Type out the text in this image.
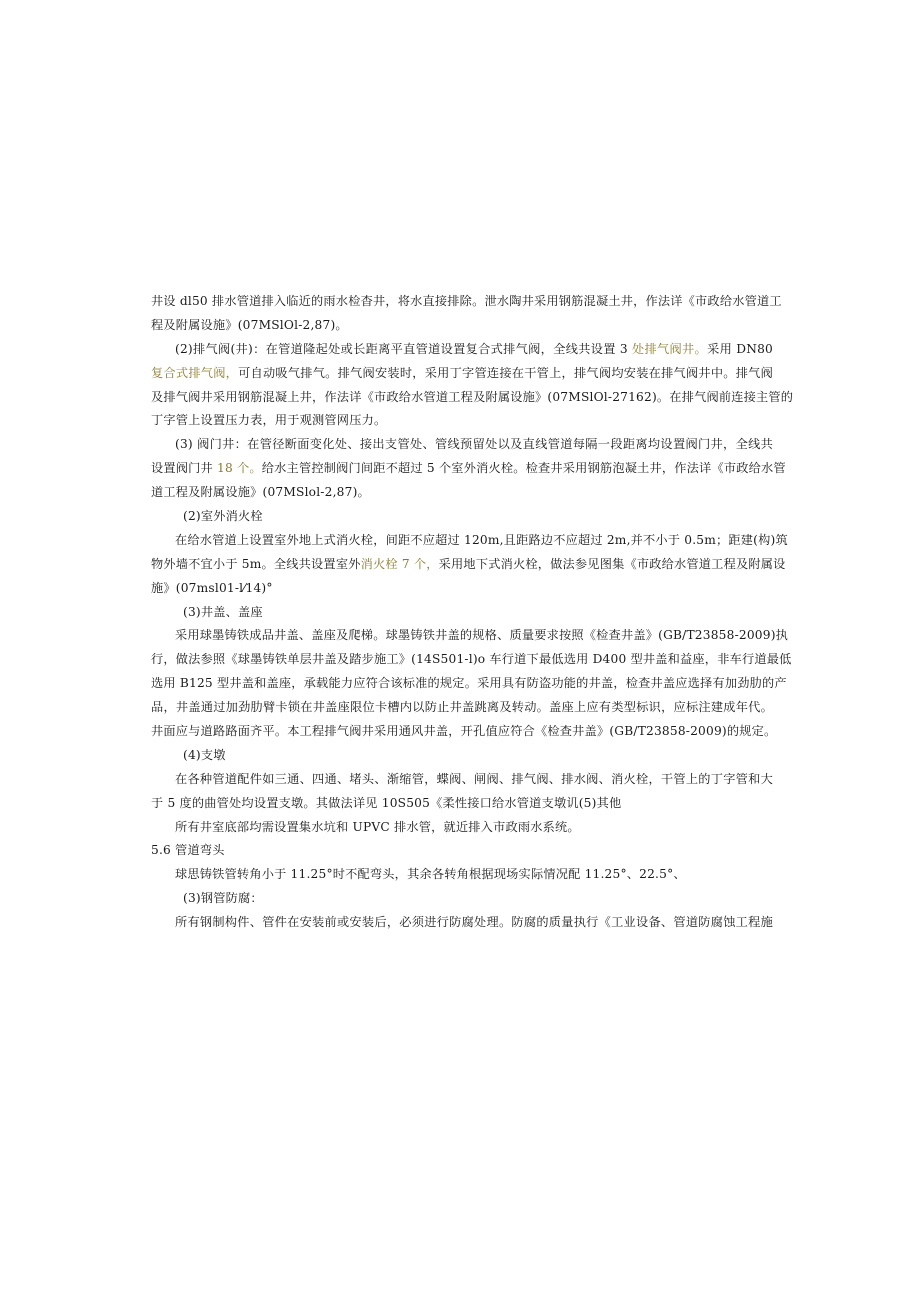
井设 dl50 排水管道排入临近的雨水检杳井，将水直接排除。泄水陶井采用钢筋混凝土井，作法详《市政给水管道工
程及附属设施》(07MSlOl-2,87)。
(2)排气阀(井)：在管道隆起处或长距离平直管道设置复合式排气阀，全线共设置 3 处排气阀井。采用 DN80
复合式排气阀，可自动吸气排气。排气阀安装时，采用丁字管连接在干管上，排气阀均安装在排气阀井中。排气阀
及排气阀井采用钢筋混凝上井，作法详《市政给水管道工程及附属设施》(07MSlOl-27162)。在排气阀前连接主管的
丁字管上设置压力表，用于观测管网压力。
(3) 阀门井：在管径断面变化处、接出支管处、管线预留处以及直线管道每隔一段距离均设置阀门井，全线共
设置阀门井 18 个。给水主管控制阀门间距不超过 5 个室外消火栓。检查井采用钢筋泡凝土井，作法详《市政给水管
道工程及附属设施》(07MSlol-2,87)。
(2)室外消火栓
在给水管道上设置室外地上式消火栓，间距不应超过 120m,且距路边不应超过 2m,并不小于 0.5m；距建(构)筑
物外墙不宜小于 5m。全线共设置室外消火栓 7 个，采用地下式消火栓，做法参见图集《市政给水管道工程及附属设
施》(07msl01-l⁄14)°
(3)井盖、盖座
采用球墨铸铁成品井盖、盖座及爬梯。球墨铸铁井盖的规格、质量要求按照《检查井盖》(GB/T23858-2009)执
行，做法参照《球墨铸铁单层井盖及踏步施工》(14S501-l)o 车行道下最低选用 D400 型井盖和益座，非车行道最低
选用 B125 型井盖和盖座，承载能力应符合该标准的规定。采用具有防盗功能的井盖，检查井盖应选择有加劲肋的产
品，井盖通过加劲肋臂卡锁在井盖座限位卡槽内以防止井盖跳离及转动。盖座上应有类型标识，应标注建成年代。
井面应与道路路面齐平。本工程排气阀井采用通风井盖，开孔值应符合《检查井盖》(GB/T23858-2009)的规定。
(4)支墩
在各种管道配件如三通、四通、堵头、渐缩管，蝶阀、闸阀、排气阀、排水阀、消火栓，干管上的丁字管和大
于 5 度的曲管处均设置支墩。其做法详见 10S505《柔性接口给水管道支墩讥(5)其他
所有井室底部均需设置集水坑和 UPVC 排水管，就近排入市政雨水系统。
5.6 管道弯头
球思铸铁管转角小于 11.25°时不配弯头，其余各转角根据现场实际情况配 11.25°、22.5°、
(3)钢管防腐：
所有钢制构件、管件在安装前或安装后，必须进行防腐处理。防腐的质量执行《工业设备、管道防腐蚀工程施
